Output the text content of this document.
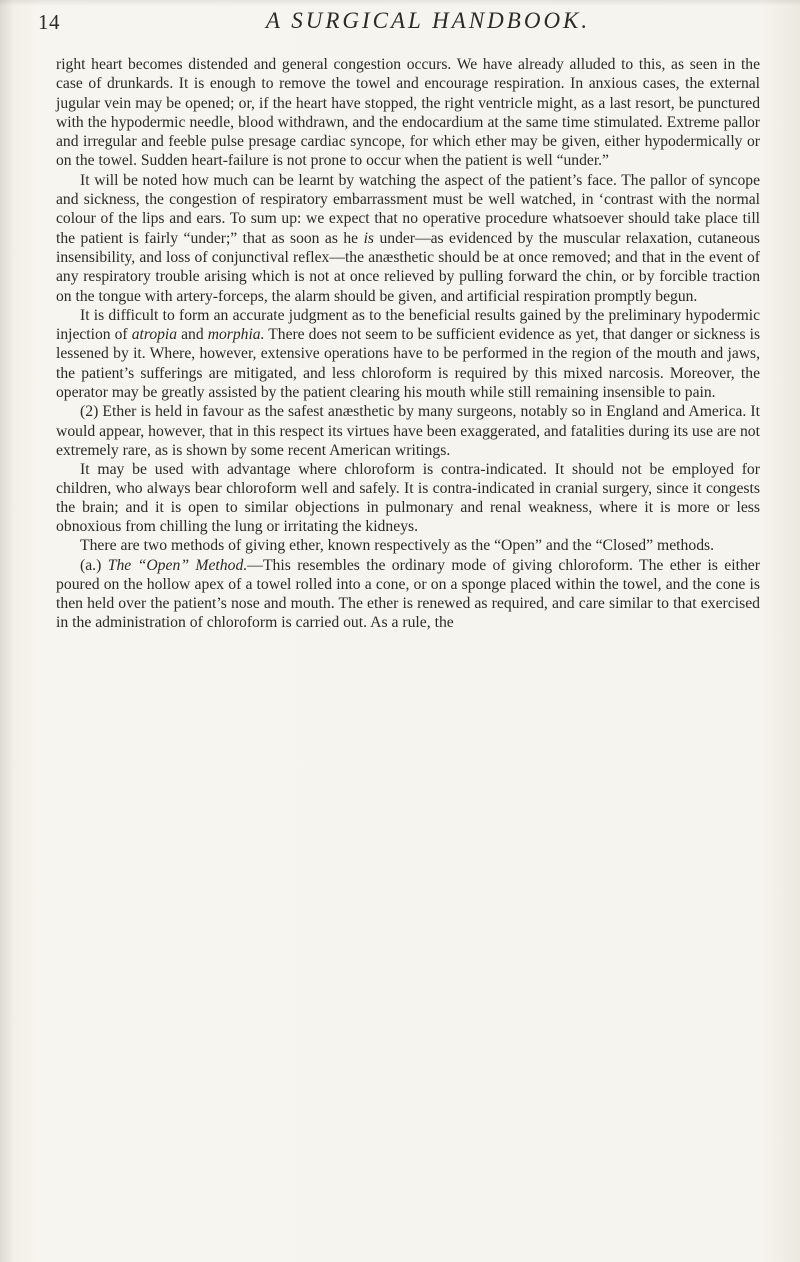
14	A SURGICAL HANDBOOK.

right heart becomes distended and general congestion occurs. We have already alluded to this, as seen in the case of drunkards. It is enough to remove the towel and encourage respiration. In anxious cases, the external jugular vein may be opened; or, if the heart have stopped, the right ventricle might, as a last resort, be punctured with the hypodermic needle, blood withdrawn, and the endocardium at the same time stimulated. Extreme pallor and irregular and feeble pulse presage cardiac syncope, for which ether may be given, either hypodermically or on the towel. Sudden heart-failure is not prone to occur when the patient is well “under.”

It will be noted how much can be learnt by watching the aspect of the patient’s face. The pallor of syncope and sickness, the congestion of respiratory embarrassment must be well watched, in ‘contrast with the normal colour of the lips and ears. To sum up: we expect that no operative procedure whatsoever should take place till the patient is fairly “under;” that as soon as he is under—as evidenced by the muscular relaxation, cutaneous insensibility, and loss of conjunctival reflex—the anæsthetic should be at once removed; and that in the event of any respiratory trouble arising which is not at once relieved by pulling forward the chin, or by forcible traction on the tongue with artery-forceps, the alarm should be given, and artificial respiration promptly begun.

It is difficult to form an accurate judgment as to the beneficial results gained by the preliminary hypodermic injection of atropia and morphia. There does not seem to be sufficient evidence as yet, that danger or sickness is lessened by it. Where, however, extensive operations have to be performed in the region of the mouth and jaws, the patient’s sufferings are mitigated, and less chloroform is required by this mixed narcosis. Moreover, the operator may be greatly assisted by the patient clearing his mouth while still remaining insensible to pain.

(2) Ether is held in favour as the safest anæsthetic by many surgeons, notably so in England and America. It would appear, however, that in this respect its virtues have been exaggerated, and fatalities during its use are not extremely rare, as is shown by some recent American writings.

It may be used with advantage where chloroform is contra-indicated. It should not be employed for children, who always bear chloroform well and safely. It is contra-indicated in cranial surgery, since it congests the brain; and it is open to similar objections in pulmonary and renal weakness, where it is more or less obnoxious from chilling the lung or irritating the kidneys.

There are two methods of giving ether, known respectively as the “Open” and the “Closed” methods.

(a.) The “Open” Method.—This resembles the ordinary mode of giving chloroform. The ether is either poured on the hollow apex of a towel rolled into a cone, or on a sponge placed within the towel, and the cone is then held over the patient’s nose and mouth. The ether is renewed as required, and care similar to that exercised in the administration of chloroform is carried out. As a rule, the
